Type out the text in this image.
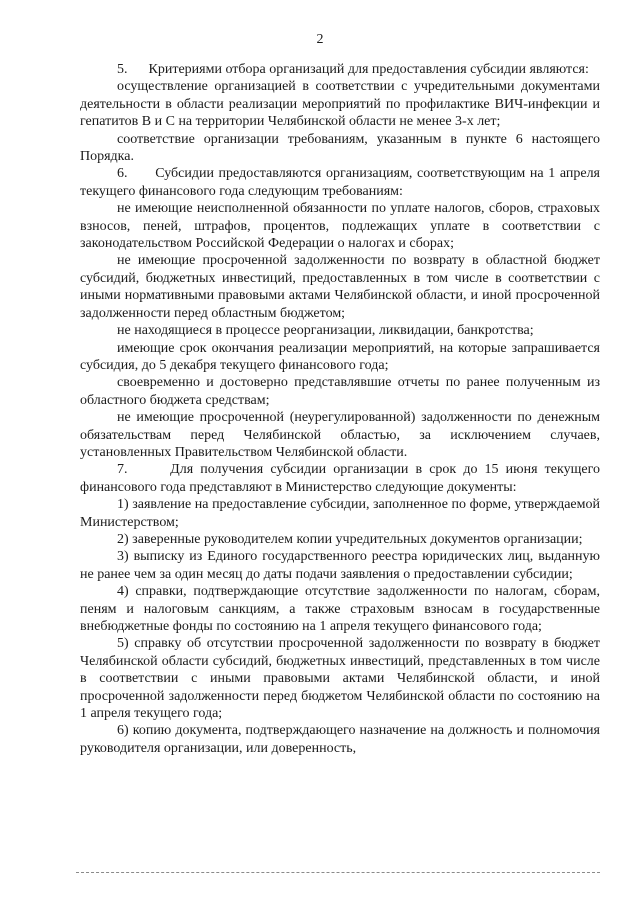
2

5.      Критериями отбора организаций для предоставления субсидии являются:

осуществление организацией в соответствии с учредительными документами деятельности в области реализации мероприятий по профилактике ВИЧ-инфекции и гепатитов В и С на территории Челябинской области не менее 3-х лет;

соответствие организации требованиям, указанным в пункте 6 настоящего Порядка.

6.      Субсидии предоставляются организациям, соответствующим на 1 апреля текущего финансового года следующим требованиям:

не имеющие неисполненной обязанности по уплате налогов, сборов, страховых взносов, пеней, штрафов, процентов, подлежащих уплате в соответствии с законодательством Российской Федерации о налогах и сборах;

не имеющие просроченной задолженности по возврату в областной бюджет субсидий, бюджетных инвестиций, предоставленных в том числе в соответствии с иными нормативными правовыми актами Челябинской области, и иной просроченной задолженности перед областным бюджетом;

не находящиеся в процессе реорганизации, ликвидации, банкротства;

имеющие срок окончания реализации мероприятий, на которые запрашивается субсидия, до 5 декабря текущего финансового года;

своевременно и достоверно представлявшие отчеты по ранее полученным из областного бюджета средствам;

не имеющие просроченной (неурегулированной) задолженности по денежным обязательствам перед Челябинской областью, за исключением случаев, установленных Правительством Челябинской области.

7.      Для получения субсидии организации в срок до 15 июня текущего финансового года представляют в Министерство следующие документы:

1) заявление на предоставление субсидии, заполненное по форме, утверждаемой Министерством;

2) заверенные руководителем копии учредительных документов организации;

3) выписку из Единого государственного реестра юридических лиц, выданную не ранее чем за один месяц до даты подачи заявления о предоставлении субсидии;

4) справки, подтверждающие отсутствие задолженности по налогам, сборам, пеням и налоговым санкциям, а также страховым взносам в государственные внебюджетные фонды по состоянию на 1 апреля текущего финансового года;

5) справку об отсутствии просроченной задолженности по возврату в бюджет Челябинской области субсидий, бюджетных инвестиций, представленных в том числе в соответствии с иными правовыми актами Челябинской области, и иной просроченной задолженности перед бюджетом Челябинской области по состоянию на 1 апреля текущего года;

6) копию документа, подтверждающего назначение на должность и полномочия руководителя организации, или доверенность,
